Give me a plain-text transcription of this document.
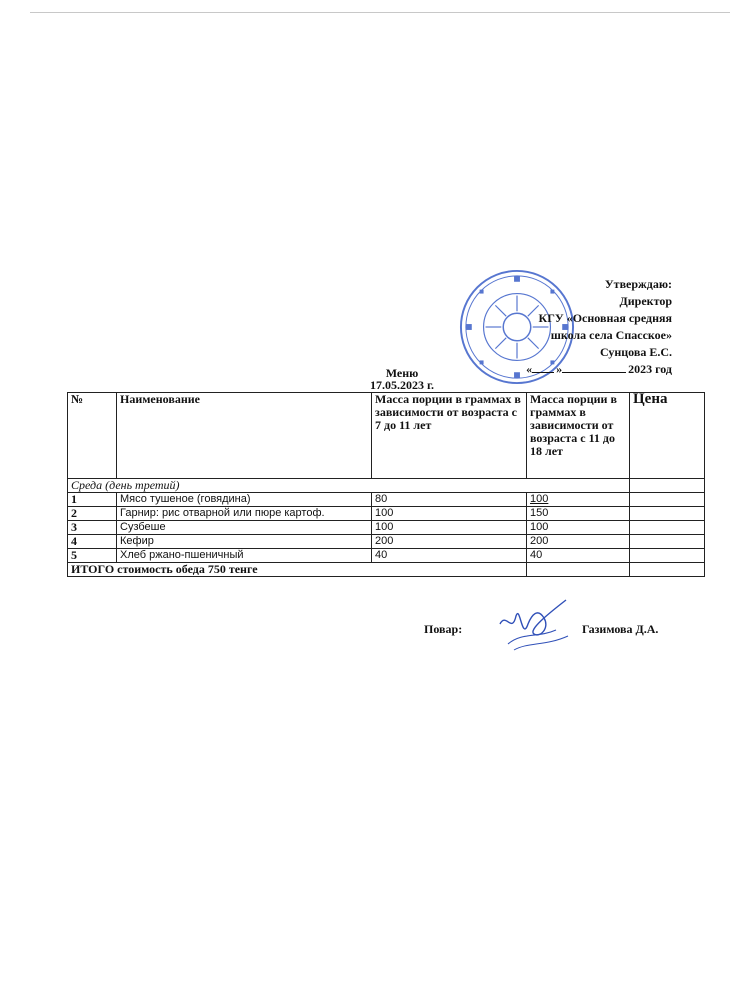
Утверждаю:
Директор
КГУ «Основная средняя
школа села Спасское»
Сунцова Е.С.
« »	2023 год
Меню
17.05.2023 г.
№	Наименование	Масса порции в граммах в зависимости от возраста с 7 до 11 лет	Масса порции в граммах в зависимости от возраста с 11 до 18 лет	Цена
Среда (день третий)				
1	Мясо тушеное (говядина)	80	100	
2	Гарнир: рис отварной или пюре картоф.	100	150	
3	Сузбеше	100	100	
4	Кефир	200	200	
5	Хлеб ржано-пшеничный	40	40	
ИТОГО стоимость обеда 750 тенге				
Повар:	Газимова Д.А.
